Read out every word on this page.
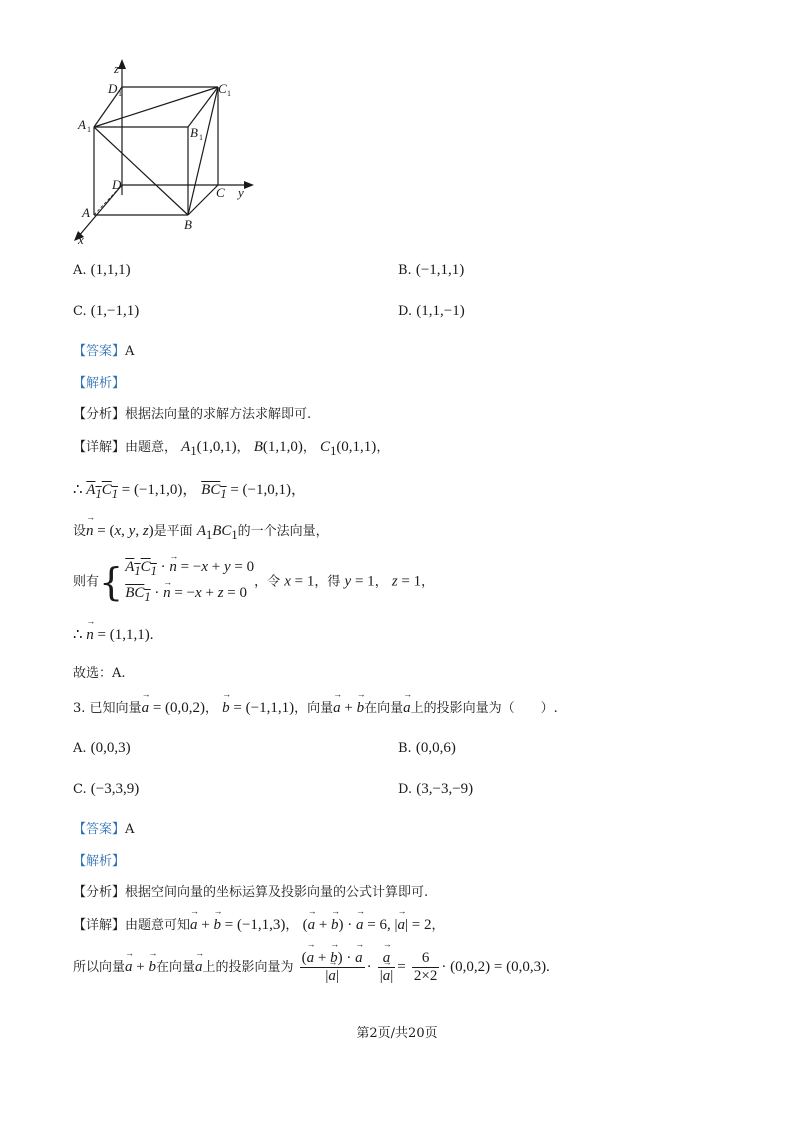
z
y
x
D 1	C 1
A 1	B 1
D
C
A
B
A. (1,1,1)	B. (−1,1,1)
C. (1,−1,1)	D. (1,1,−1)
【答案】A
【解析】
【分析】根据法向量的求解方法求解即可.
【详解】由题意， $A_1(1,0,1)$， B(1,1,0)， $C_1(0,1,1)$，
∴ $A_1C_1 = (-1,1,0)$， $BC_1 = (-1,0,1)$，
设→ n = (x, y, z)是平面 $A_1BC_1$的一个法向量，
则有{ $A_1C_1$ · → n = −x + y = 0
$BC_1$ · → n = −x + z = 0
，令 x = 1，得 y = 1， z = 1，
∴ → n = (1,1,1).
故选：A.
3. 已知向量→ a = (0,0,2)， → b = (−1,1,1)，向量→ a + → b在向量→ a上的投影向量为（　　）.
A. (0,0,3)	B. (0,0,6)
C. (−3,3,9)	D. (3,−3,−9)
【答案】A
【解析】
【分析】根据空间向量的坐标运算及投影向量的公式计算即可.
【详解】由题意可知→ a + → b = (−1,1,3)， (→ a + → b) · → a = 6, |→ a| = 2，
所以向量→ a + → b在向量→ a上的投影向量为 $\frac{(\to a + \to b) \cdot \to a}{|\to a|}$ · → $\frac{a}{|\to a|} = \frac{6}{2\times 2} \cdot (0,0,2) = (0,0,3)$.
第2页/共20页
